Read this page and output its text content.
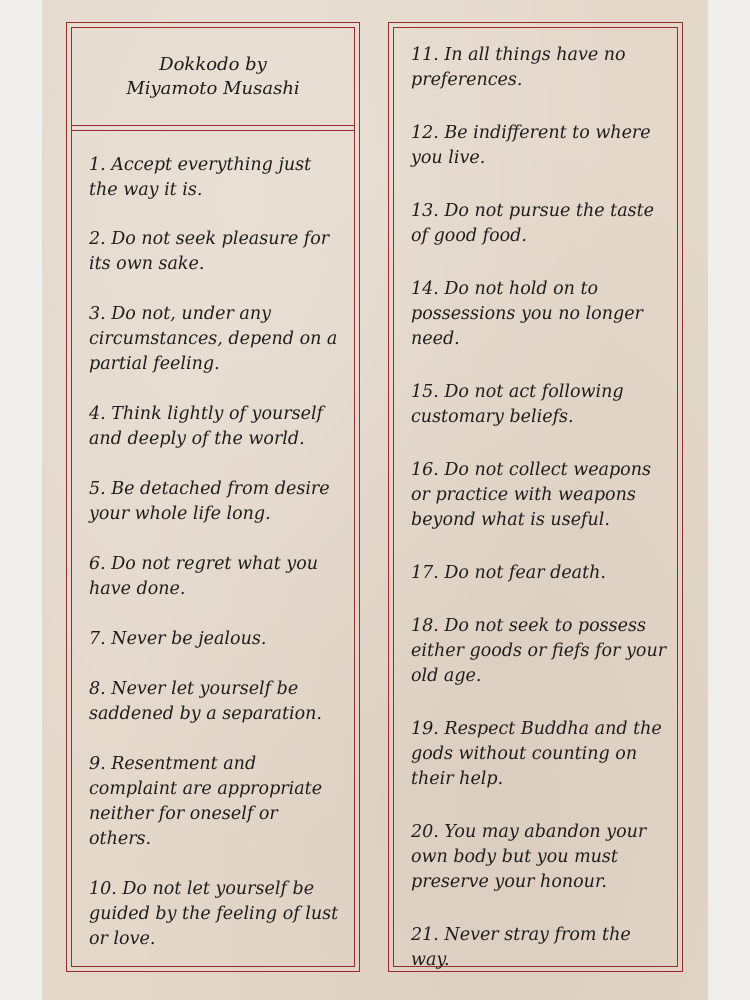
Dokkodo by
Miyamoto Musashi
1. Accept everything just the way it is.
2. Do not seek pleasure for its own sake.
3. Do not, under any circumstances, depend on a partial feeling.
4. Think lightly of yourself and deeply of the world.
5. Be detached from desire your whole life long.
6. Do not regret what you have done.
7. Never be jealous.
8. Never let yourself be saddened by a separation.
9. Resentment and complaint are appropriate neither for oneself or others.
10. Do not let yourself be guided by the feeling of lust or love.
11. In all things have no preferences.
12. Be indifferent to where you live.
13. Do not pursue the taste of good food.
14. Do not hold on to possessions you no longer need.
15. Do not act following customary beliefs.
16. Do not collect weapons or practice with weapons beyond what is useful.
17. Do not fear death.
18. Do not seek to possess either goods or fiefs for your old age.
19. Respect Buddha and the gods without counting on their help.
20. You may abandon your own body but you must preserve your honour.
21. Never stray from the way.
